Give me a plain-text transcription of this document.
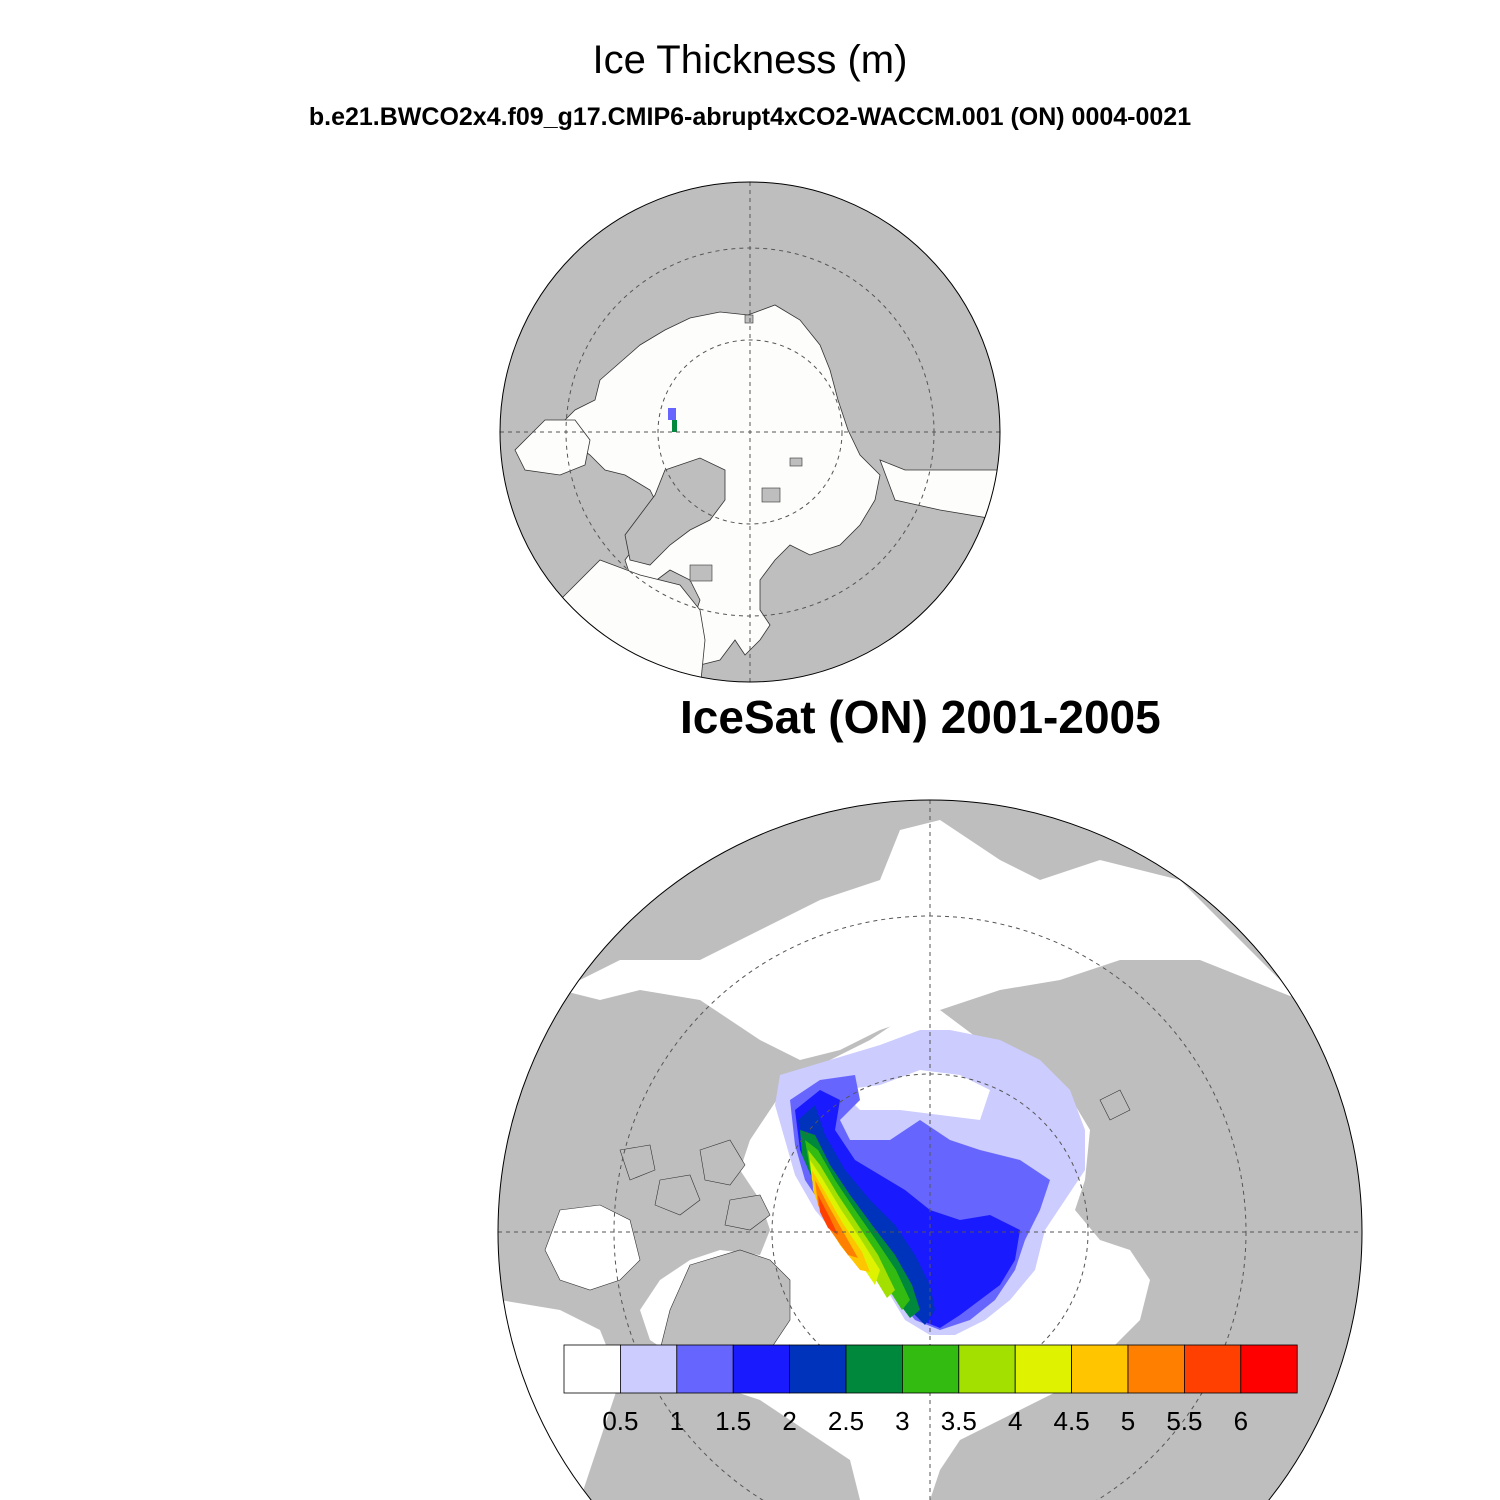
Ice Thickness (m)
b.e21.BWCO2x4.f09_g17.CMIP6-abrupt4xCO2-WACCM.001 (ON) 0004-0021
IceSat (ON) 2001-2005
0.5 1 1.5 2 2.5 3 3.5 4 4.5 5 5.5 6
